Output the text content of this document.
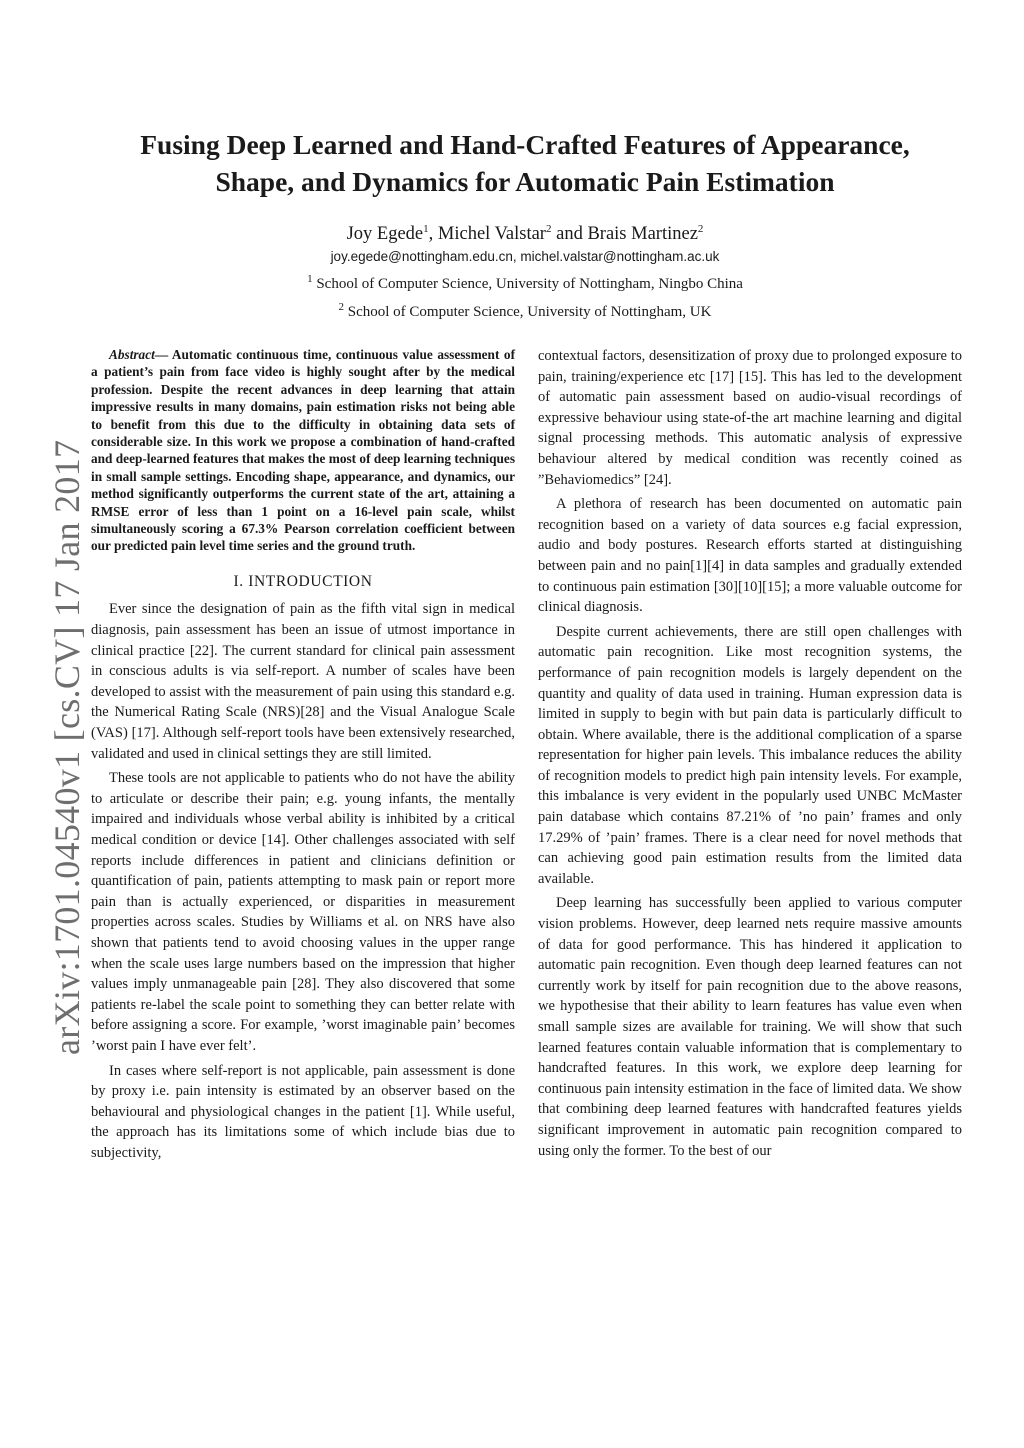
arXiv:1701.04540v1 [cs.CV] 17 Jan 2017
Fusing Deep Learned and Hand-Crafted Features of Appearance,
Shape, and Dynamics for Automatic Pain Estimation
Joy Egede$^1$, Michel Valstar$^2$ and Brais Martinez$^2$
joy.egede@nottingham.edu.cn, michel.valstar@nottingham.ac.uk
$^1$ School of Computer Science, University of Nottingham, Ningbo China
$^2$ School of Computer Science, University of Nottingham, UK

Abstract— Automatic continuous time, continuous value assessment of a patient’s pain from face video is highly sought after by the medical profession. Despite the recent advances in deep learning that attain impressive results in many domains, pain estimation risks not being able to benefit from this due to the difficulty in obtaining data sets of considerable size. In this work we propose a combination of hand-crafted and deep-learned features that makes the most of deep learning techniques in small sample settings. Encoding shape, appearance, and dynamics, our method significantly outperforms the current state of the art, attaining a RMSE error of less than 1 point on a 16-level pain scale, whilst simultaneously scoring a 67.3% Pearson correlation coefficient between our predicted pain level time series and the ground truth.

I. INTRODUCTION

Ever since the designation of pain as the fifth vital sign in medical diagnosis, pain assessment has been an issue of utmost importance in clinical practice [22]. The current standard for clinical pain assessment in conscious adults is via self-report. A number of scales have been developed to assist with the measurement of pain using this standard e.g. the Numerical Rating Scale (NRS)[28] and the Visual Analogue Scale (VAS) [17]. Although self-report tools have been extensively researched, validated and used in clinical settings they are still limited.

These tools are not applicable to patients who do not have the ability to articulate or describe their pain; e.g. young infants, the mentally impaired and individuals whose verbal ability is inhibited by a critical medical condition or device [14]. Other challenges associated with self reports include differences in patient and clinicians definition or quantification of pain, patients attempting to mask pain or report more pain than is actually experienced, or disparities in measurement properties across scales. Studies by Williams et al. on NRS have also shown that patients tend to avoid choosing values in the upper range when the scale uses large numbers based on the impression that higher values imply unmanageable pain [28]. They also discovered that some patients re-label the scale point to something they can better relate with before assigning a score. For example, ’worst imaginable pain’ becomes ’worst pain I have ever felt’.

In cases where self-report is not applicable, pain assessment is done by proxy i.e. pain intensity is estimated by an observer based on the behavioural and physiological changes in the patient [1]. While useful, the approach has its limitations some of which include bias due to subjectivity,

contextual factors, desensitization of proxy due to prolonged exposure to pain, training/experience etc [17] [15]. This has led to the development of automatic pain assessment based on audio-visual recordings of expressive behaviour using state-of-the art machine learning and digital signal processing methods. This automatic analysis of expressive behaviour altered by medical condition was recently coined as ”Behaviomedics” [24].

A plethora of research has been documented on automatic pain recognition based on a variety of data sources e.g facial expression, audio and body postures. Research efforts started at distinguishing between pain and no pain[1][4] in data samples and gradually extended to continuous pain estimation [30][10][15]; a more valuable outcome for clinical diagnosis.

Despite current achievements, there are still open challenges with automatic pain recognition. Like most recognition systems, the performance of pain recognition models is largely dependent on the quantity and quality of data used in training. Human expression data is limited in supply to begin with but pain data is particularly difficult to obtain. Where available, there is the additional complication of a sparse representation for higher pain levels. This imbalance reduces the ability of recognition models to predict high pain intensity levels. For example, this imbalance is very evident in the popularly used UNBC McMaster pain database which contains 87.21% of ’no pain’ frames and only 17.29% of ’pain’ frames. There is a clear need for novel methods that can achieving good pain estimation results from the limited data available.

Deep learning has successfully been applied to various computer vision problems. However, deep learned nets require massive amounts of data for good performance. This has hindered it application to automatic pain recognition. Even though deep learned features can not currently work by itself for pain recognition due to the above reasons, we hypothesise that their ability to learn features has value even when small sample sizes are available for training. We will show that such learned features contain valuable information that is complementary to handcrafted features. In this work, we explore deep learning for continuous pain intensity estimation in the face of limited data. We show that combining deep learned features with handcrafted features yields significant improvement in automatic pain recognition compared to using only the former. To the best of our
